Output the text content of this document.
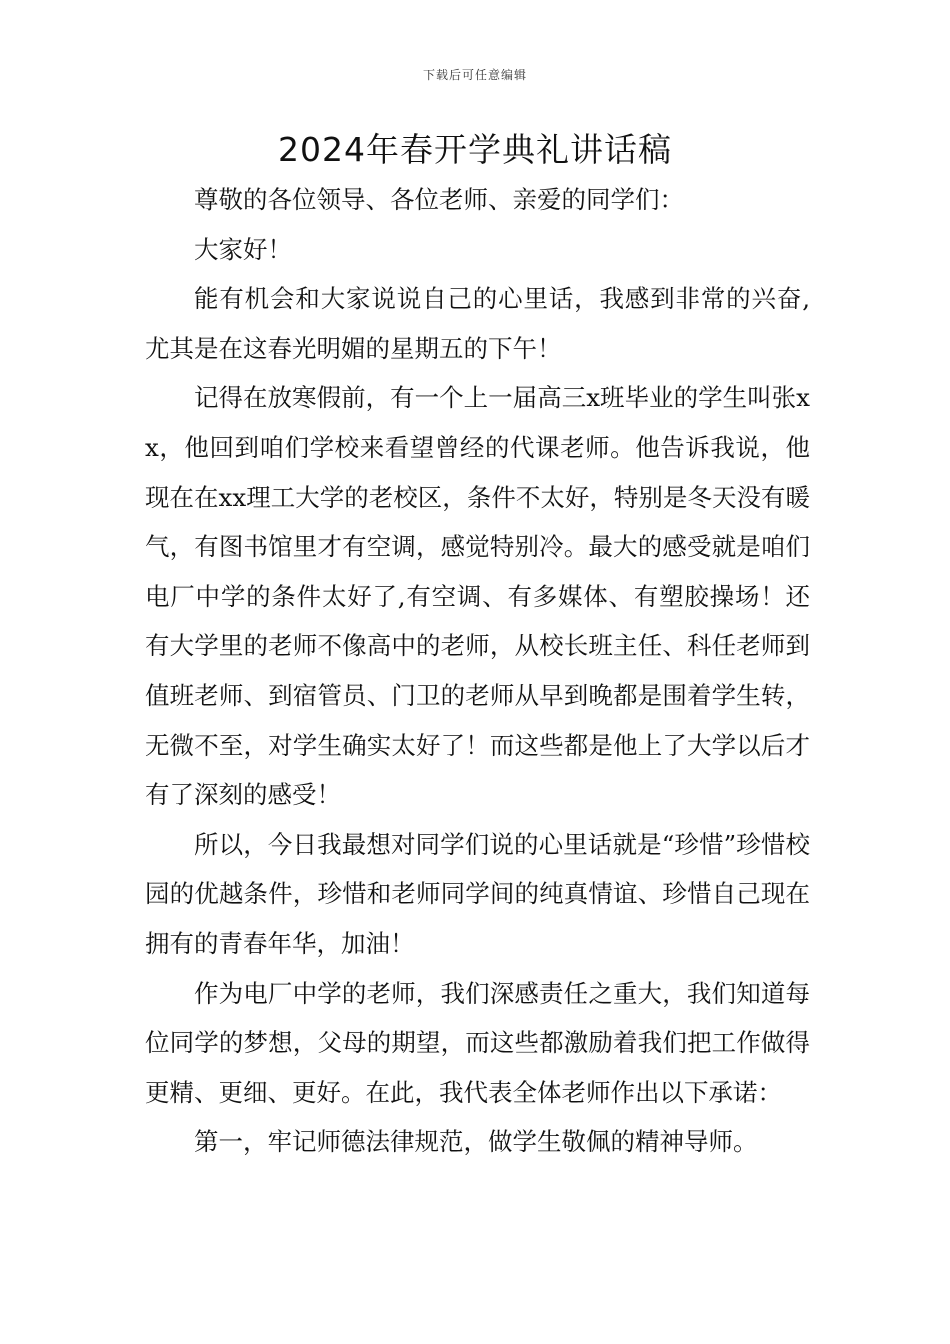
下载后可任意编辑
2024年春开学典礼讲话稿

尊敬的各位领导、各位老师、亲爱的同学们：

大家好！

能有机会和大家说说自己的心里话，我感到非常的兴奋,尤其是在这春光明媚的星期五的下午！

记得在放寒假前，有一个上一届高三x班毕业的学生叫张xx，他回到咱们学校来看望曾经的代课老师。他告诉我说，他现在在xx理工大学的老校区，条件不太好，特别是冬天没有暖气，有图书馆里才有空调，感觉特别冷。最大的感受就是咱们电厂中学的条件太好了,有空调、有多媒体、有塑胶操场！还有大学里的老师不像高中的老师，从校长班主任、科任老师到值班老师、到宿管员、门卫的老师从早到晚都是围着学生转，无微不至，对学生确实太好了！而这些都是他上了大学以后才有了深刻的感受！

所以，今日我最想对同学们说的心里话就是“珍惜”珍惜校园的优越条件，珍惜和老师同学间的纯真情谊、珍惜自己现在拥有的青春年华，加油！

作为电厂中学的老师，我们深感责任之重大，我们知道每位同学的梦想，父母的期望，而这些都激励着我们把工作做得更精、更细、更好。在此，我代表全体老师作出以下承诺：

第一，牢记师德法律规范，做学生敬佩的精神导师。
